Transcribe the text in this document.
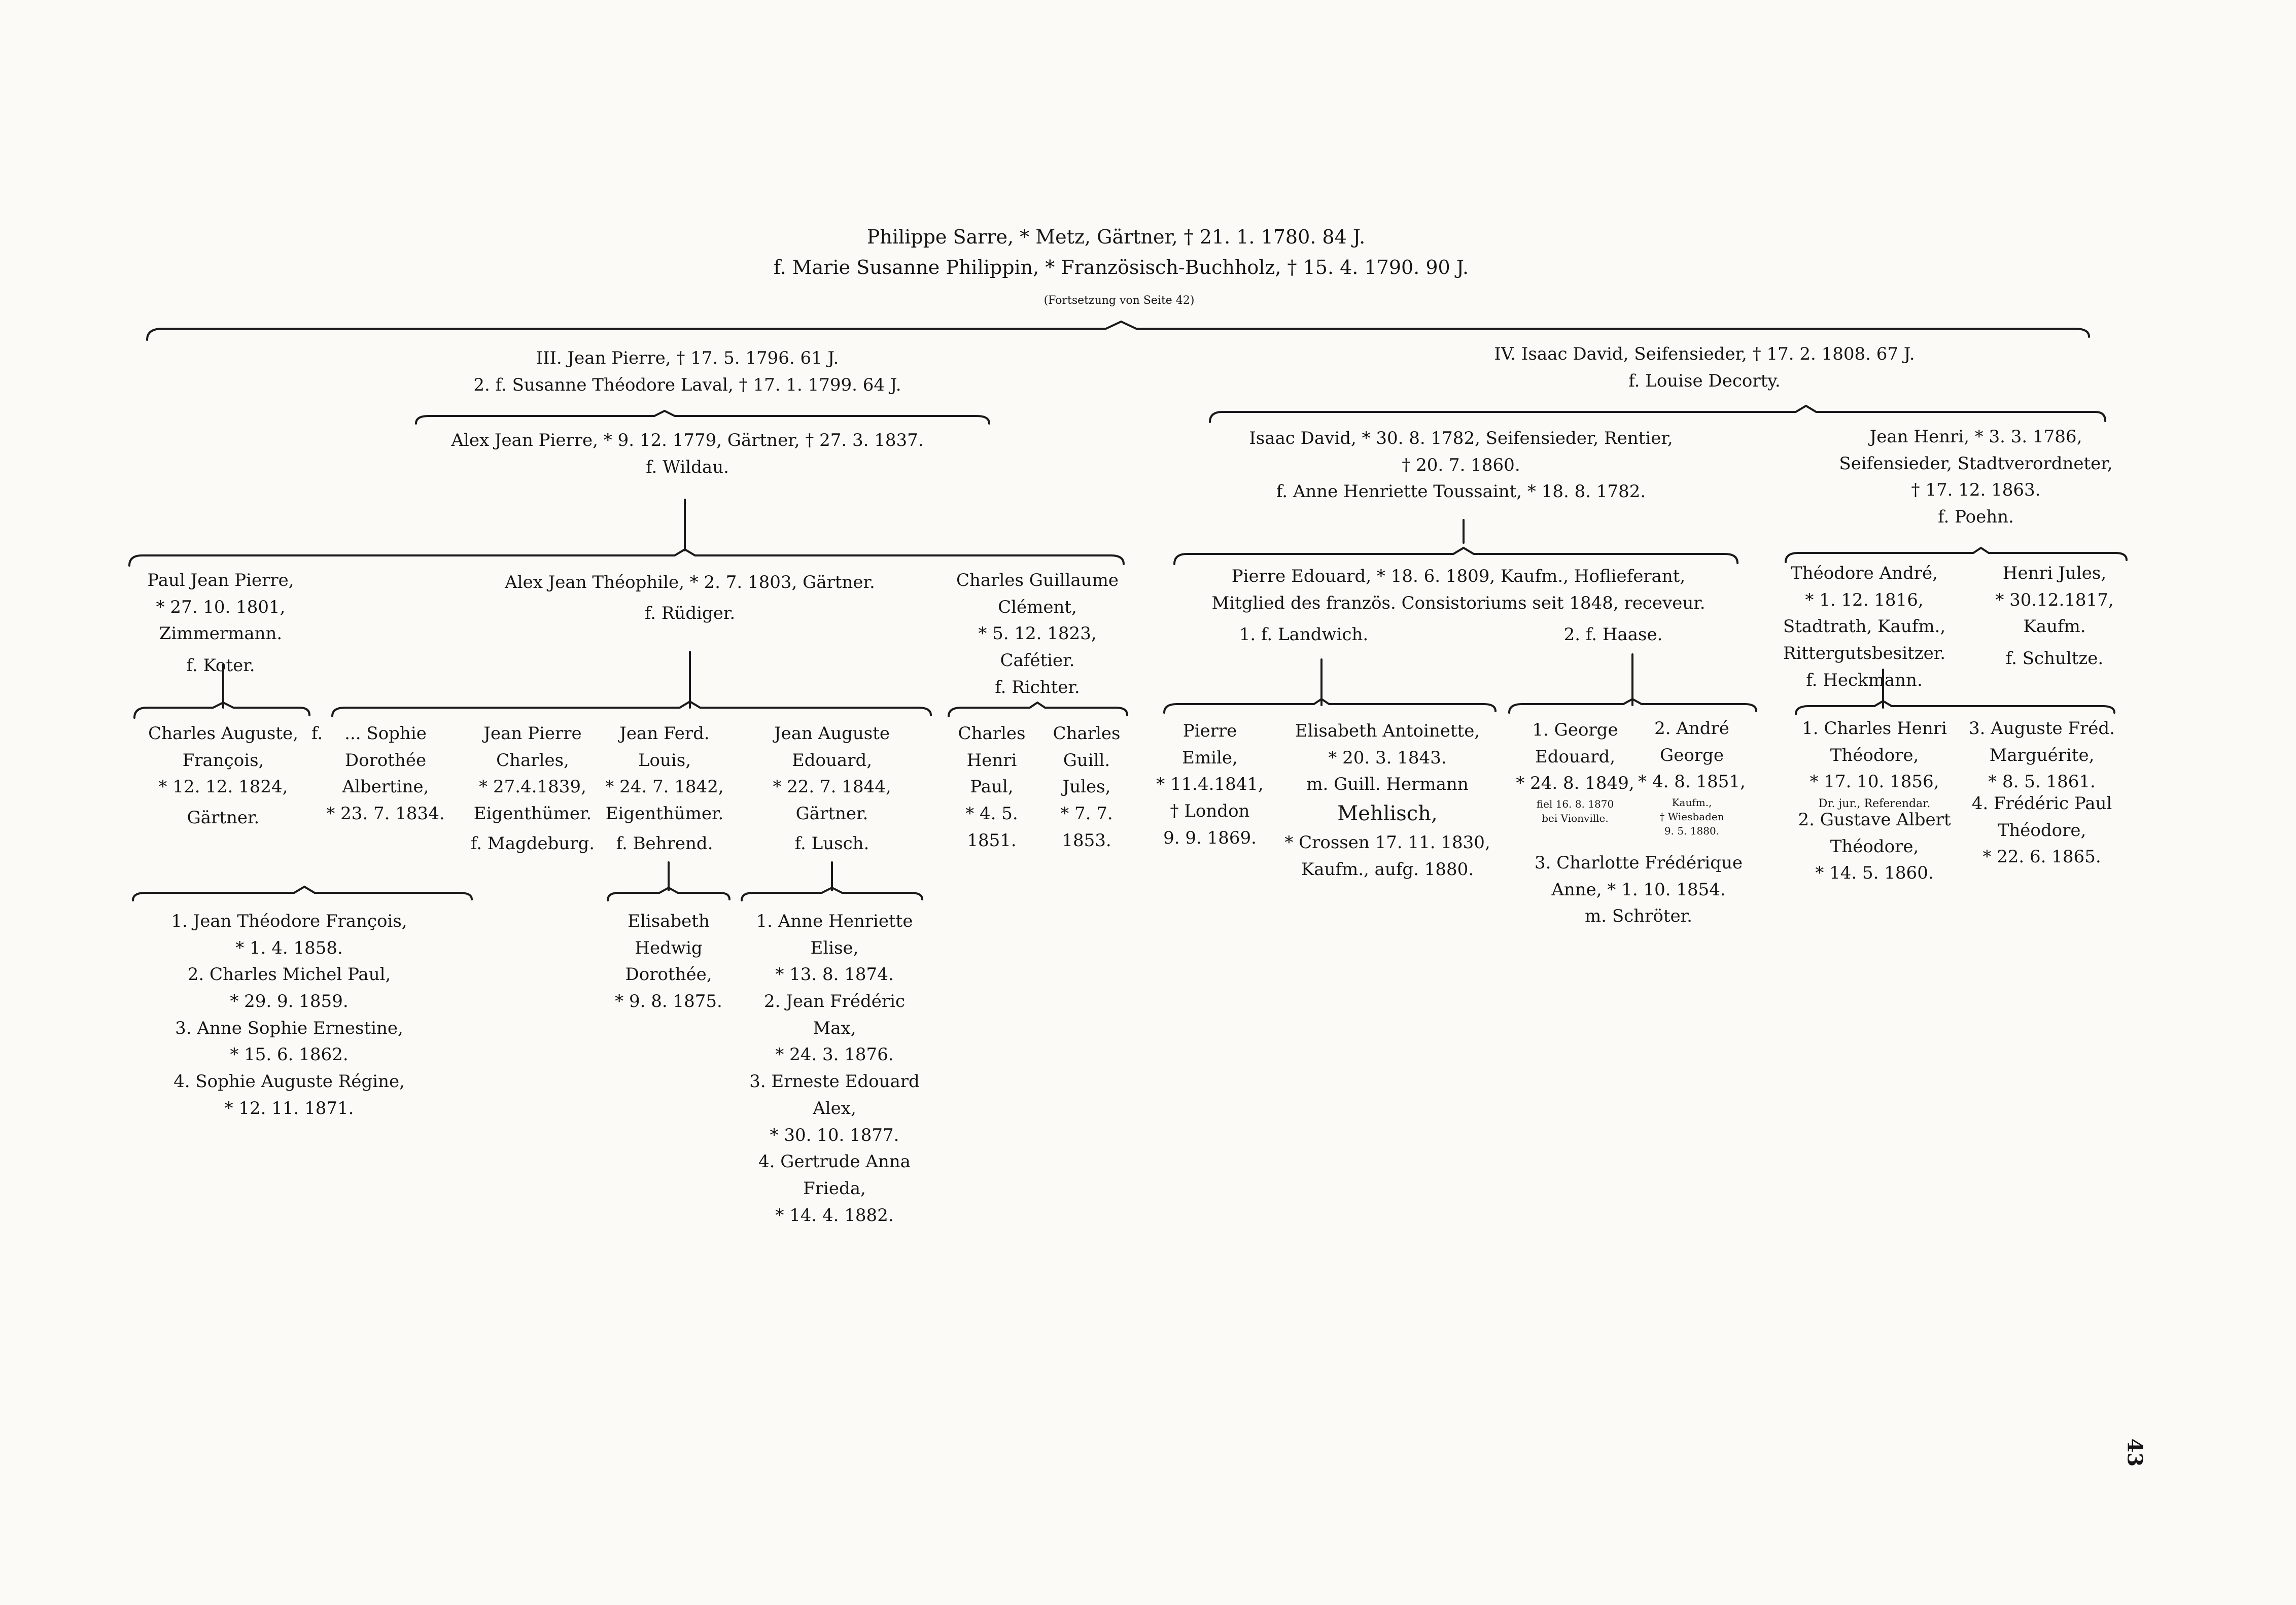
Philippe Sarre, * Metz, Gärtner, † 21. 1. 1780. 84 J.
f. Marie Susanne Philippin, * Französisch-Buchholz, † 15. 4. 1790. 90 J.
(Fortsetzung von Seite 42)
III. Jean Pierre, † 17. 5. 1796. 61 J.
2. f. Susanne Théodore Laval, † 17. 1. 1799. 64 J.
IV. Isaac David, Seifensieder, † 17. 2. 1808. 67 J.
f. Louise Decorty.
Alex Jean Pierre, * 9. 12. 1779, Gärtner, † 27. 3. 1837.
f. Wildau.
Isaac David, * 30. 8. 1782, Seifensieder, Rentier,
† 20. 7. 1860.
f. Anne Henriette Toussaint, * 18. 8. 1782.
Jean Henri, * 3. 3. 1786,
Seifensieder, Stadtverordneter,
† 17. 12. 1863.
f. Poehn.
Paul Jean Pierre,
* 27. 10. 1801,
Zimmermann.
f. Koter.
Alex Jean Théophile, * 2. 7. 1803, Gärtner.
f. Rüdiger.
Charles Guillaume
Clément,
* 5. 12. 1823,
Cafétier.
f. Richter.
Pierre Edouard, * 18. 6. 1809, Kaufm., Hoflieferant,
Mitglied des französ. Consistoriums seit 1848, receveur.
1. f. Landwich.	2. f. Haase.
Théodore André,
* 1. 12. 1816,
Stadtrath, Kaufm.,
Rittergutsbesitzer.
f. Heckmann.
Henri Jules,
* 30.12.1817,
Kaufm.
f. Schultze.
Charles Auguste,
François,
* 12. 12. 1824,
Gärtner.
f.	... Sophie
Dorothée
Albertine,
* 23. 7. 1834.
Jean Pierre
Charles,
* 27.4.1839,
Eigenthümer.
f. Magdeburg.
Jean Ferd.
Louis,
* 24. 7. 1842,
Eigenthümer.
f. Behrend.
Jean Auguste
Edouard,
* 22. 7. 1844,
Gärtner.
f. Lusch.
Charles
Henri
Paul,
* 4. 5.
1851.
Charles
Guill.
Jules,
* 7. 7.
1853.
Pierre
Emile,
* 11.4.1841,
† London
9. 9. 1869.
Elisabeth Antoinette,
* 20. 3. 1843.
m. Guill. Hermann
Mehlisch,
* Crossen 17. 11. 1830,
Kaufm., aufg. 1880.
1. George
Edouard,
* 24. 8. 1849,
fiel 16. 8. 1870
bei Vionville.
2. André
George
* 4. 8. 1851,
Kaufm.,
† Wiesbaden
9. 5. 1880.
3. Charlotte Frédérique
Anne, * 1. 10. 1854.
m. Schröter.
1. Charles Henri
Théodore,
* 17. 10. 1856,
Dr. jur., Referendar.
2. Gustave Albert
Théodore,
* 14. 5. 1860.
3. Auguste Fréd.
Marguérite,
* 8. 5. 1861.
4. Frédéric Paul
Théodore,
* 22. 6. 1865.
1. Jean Théodore François,
* 1. 4. 1858.
2. Charles Michel Paul,
* 29. 9. 1859.
3. Anne Sophie Ernestine,
* 15. 6. 1862.
4. Sophie Auguste Régine,
* 12. 11. 1871.
Elisabeth
Hedwig
Dorothée,
* 9. 8. 1875.
1. Anne Henriette
Elise,
* 13. 8. 1874.
2. Jean Frédéric
Max,
* 24. 3. 1876.
3. Erneste Edouard
Alex,
* 30. 10. 1877.
4. Gertrude Anna
Frieda,
* 14. 4. 1882.
43
